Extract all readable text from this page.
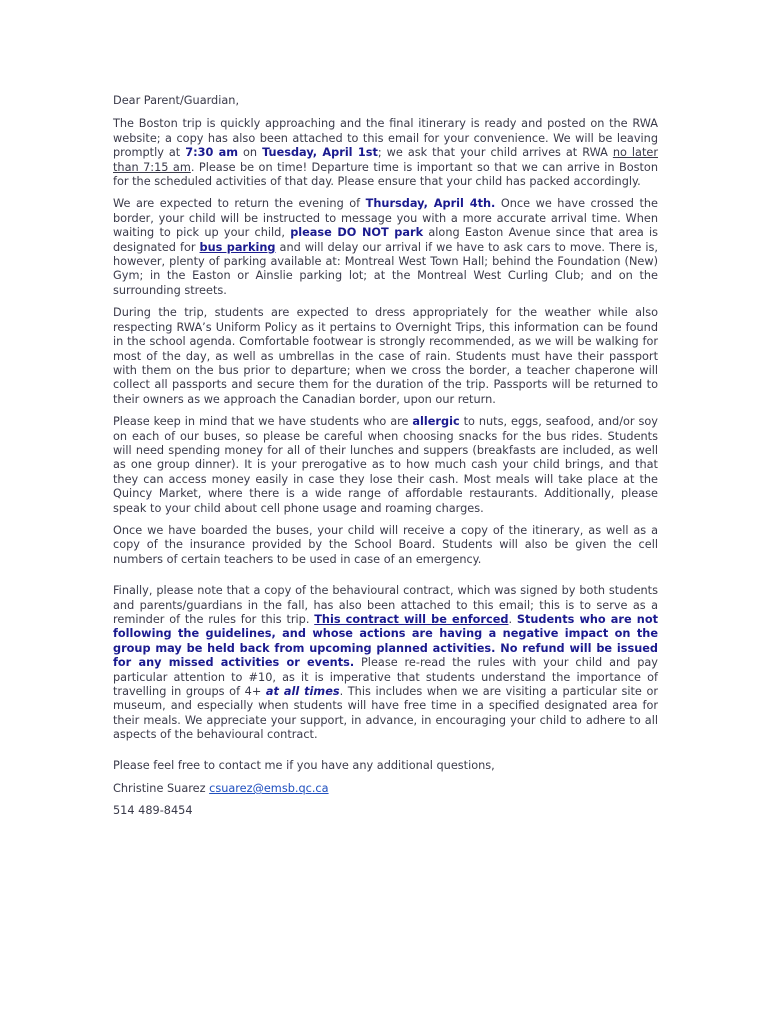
Dear Parent/Guardian,

The Boston trip is quickly approaching and the final itinerary is ready and posted on the RWA website; a copy has also been attached to this email for your convenience. We will be leaving promptly at 7:30 am on Tuesday, April 1st; we ask that your child arrives at RWA no later than 7:15 am. Please be on time! Departure time is important so that we can arrive in Boston for the scheduled activities of that day. Please ensure that your child has packed accordingly.

We are expected to return the evening of Thursday, April 4th. Once we have crossed the border, your child will be instructed to message you with a more accurate arrival time. When waiting to pick up your child, please DO NOT park along Easton Avenue since that area is designated for bus parking and will delay our arrival if we have to ask cars to move. There is, however, plenty of parking available at: Montreal West Town Hall; behind the Foundation (New) Gym; in the Easton or Ainslie parking lot; at the Montreal West Curling Club; and on the surrounding streets.

During the trip, students are expected to dress appropriately for the weather while also respecting RWA’s Uniform Policy as it pertains to Overnight Trips, this information can be found in the school agenda. Comfortable footwear is strongly recommended, as we will be walking for most of the day, as well as umbrellas in the case of rain. Students must have their passport with them on the bus prior to departure; when we cross the border, a teacher chaperone will collect all passports and secure them for the duration of the trip. Passports will be returned to their owners as we approach the Canadian border, upon our return.

Please keep in mind that we have students who are allergic to nuts, eggs, seafood, and/or soy on each of our buses, so please be careful when choosing snacks for the bus rides. Students will need spending money for all of their lunches and suppers (breakfasts are included, as well as one group dinner). It is your prerogative as to how much cash your child brings, and that they can access money easily in case they lose their cash. Most meals will take place at the Quincy Market, where there is a wide range of affordable restaurants. Additionally, please speak to your child about cell phone usage and roaming charges.

Once we have boarded the buses, your child will receive a copy of the itinerary, as well as a copy of the insurance provided by the School Board. Students will also be given the cell numbers of certain teachers to be used in case of an emergency.

Finally, please note that a copy of the behavioural contract, which was signed by both students and parents/guardians in the fall, has also been attached to this email; this is to serve as a reminder of the rules for this trip. This contract will be enforced. Students who are not following the guidelines, and whose actions are having a negative impact on the group may be held back from upcoming planned activities. No refund will be issued for any missed activities or events. Please re-read the rules with your child and pay particular attention to #10, as it is imperative that students understand the importance of travelling in groups of 4+ at all times. This includes when we are visiting a particular site or museum, and especially when students will have free time in a specified designated area for their meals. We appreciate your support, in advance, in encouraging your child to adhere to all aspects of the behavioural contract.

Please feel free to contact me if you have any additional questions,

Christine Suarez csuarez@emsb.qc.ca

514 489-8454
